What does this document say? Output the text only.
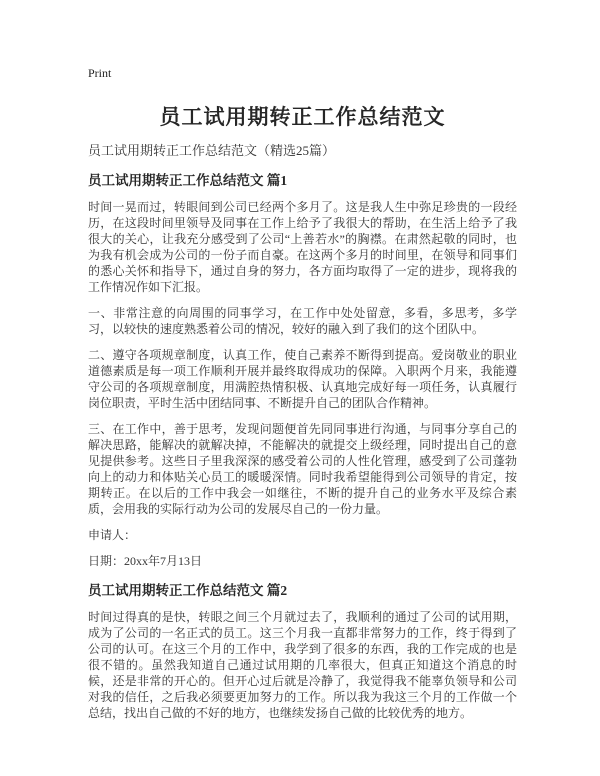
Print
员工试用期转正工作总结范文

员工试用期转正工作总结范文（精选25篇）

员工试用期转正工作总结范文 篇1

时间一晃而过，转眼间到公司已经两个多月了。这是我人生中弥足珍贵的一段经历，在这段时间里领导及同事在工作上给予了我很大的帮助，在生活上给予了我很大的关心，让我充分感受到了公司“上善若水”的胸襟。在肃然起敬的同时，也为我有机会成为公司的一份子而自豪。在这两个多月的时间里，在领导和同事们的悉心关怀和指导下，通过自身的努力，各方面均取得了一定的进步，现将我的工作情况作如下汇报。

一、非常注意的向周围的同事学习，在工作中处处留意，多看，多思考，多学习，以较快的速度熟悉着公司的情况，较好的融入到了我们的这个团队中。

二、遵守各项规章制度，认真工作，使自己素养不断得到提高。爱岗敬业的职业道德素质是每一项工作顺利开展并最终取得成功的保障。入职两个月来，我能遵守公司的各项规章制度，用满腔热情积极、认真地完成好每一项任务，认真履行岗位职责，平时生活中团结同事、不断提升自己的团队合作精神。

三、在工作中，善于思考，发现问题便首先同同事进行沟通，与同事分享自己的解决思路，能解决的就解决掉，不能解决的就提交上级经理，同时提出自己的意见提供参考。这些日子里我深深的感受着公司的人性化管理，感受到了公司蓬勃向上的动力和体贴关心员工的暖暖深情。同时我希望能得到公司领导的肯定，按期转正。在以后的工作中我会一如继往，不断的提升自己的业务水平及综合素质，会用我的实际行动为公司的发展尽自己的一份力量。

申请人：

日期：20xx年7月13日

员工试用期转正工作总结范文 篇2

时间过得真的是快，转眼之间三个月就过去了，我顺利的通过了公司的试用期，成为了公司的一名正式的员工。这三个月我一直都非常努力的工作，终于得到了公司的认可。在这三个月的工作中，我学到了很多的东西，我的工作完成的也是很不错的。虽然我知道自己通过试用期的几率很大，但真正知道这个消息的时候，还是非常的开心的。但开心过后就是冷静了，我觉得我不能辜负领导和公司对我的信任，之后我必须要更加努力的工作。所以我为我这三个月的工作做一个总结，找出自己做的不好的地方，也继续发扬自己做的比较优秀的地方。
